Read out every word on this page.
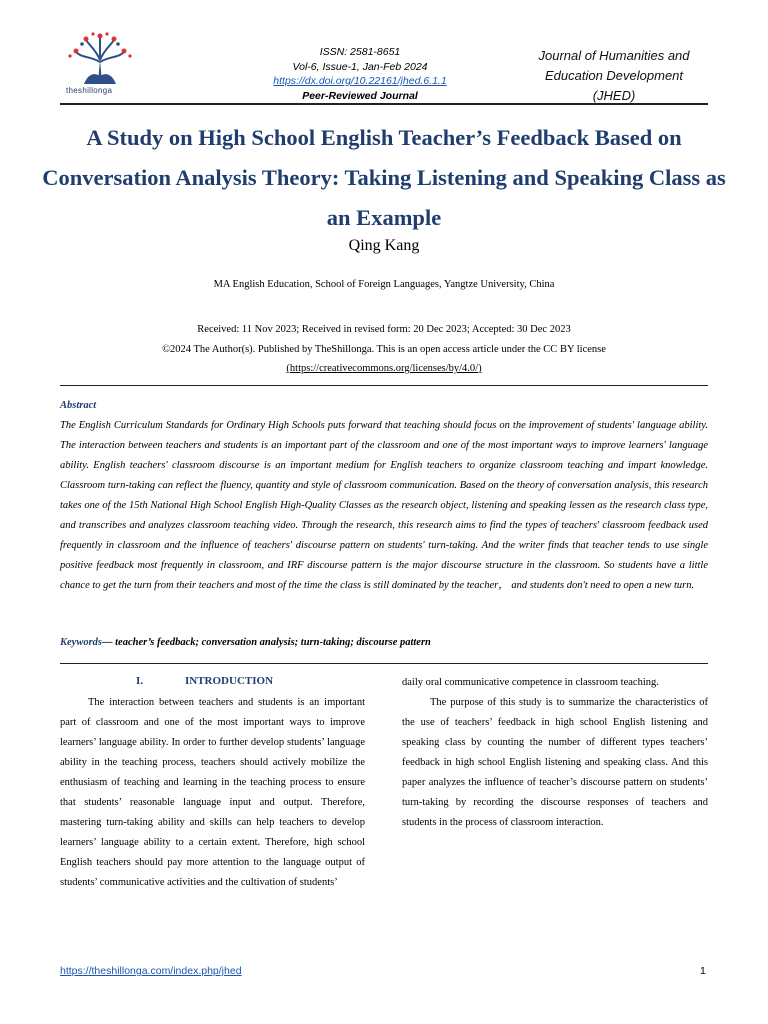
theshillonga
ISSN: 2581-8651
Vol-6, Issue-1, Jan-Feb 2024
https://dx.doi.org/10.22161/jhed.6.1.1
Peer-Reviewed Journal
Journal of Humanities and
Education Development
(JHED)
A Study on High School English Teacher’s Feedback Based on Conversation Analysis Theory: Taking Listening and Speaking Class as an Example
Qing Kang
MA English Education, School of Foreign Languages, Yangtze University, China
Received: 11 Nov 2023; Received in revised form: 20 Dec 2023; Accepted: 30 Dec 2023
©2024 The Author(s). Published by TheShillonga. This is an open access article under the CC BY license
(https://creativecommons.org/licenses/by/4.0/)
Abstract

The English Curriculum Standards for Ordinary High Schools puts forward that teaching should focus on the improvement of students' language ability. The interaction between teachers and students is an important part of the classroom and one of the most important ways to improve learners' language ability. English teachers' classroom discourse is an important medium for English teachers to organize classroom teaching and impart knowledge. Classroom turn-taking can reflect the fluency, quantity and style of classroom communication. Based on the theory of conversation analysis, this research takes one of the 15th National High School English High-Quality Classes as the research object, listening and speaking lessen as the research class type, and transcribes and analyzes classroom teaching video. Through the research, this research aims to find the types of teachers' classroom feedback used frequently in classroom and the influence of teachers' discourse pattern on students' turn-taking. And the writer finds that teacher tends to use single positive feedback most frequently in classroom, and IRF discourse pattern is the major discourse structure in the classroom. So students have a little chance to get the turn from their teachers and most of the time the class is still dominated by the teacher， and students don't need to open a new turn.

Keywords— teacher’s feedback; conversation analysis; turn-taking; discourse pattern
I.	INTRODUCTION

The interaction between teachers and students is an important part of classroom and one of the most important ways to improve learners’ language ability. In order to further develop students’ language ability in the teaching process, teachers should actively mobilize the enthusiasm of teaching and learning in the teaching process to ensure that students’ reasonable language input and output. Therefore, mastering turn-taking ability and skills can help teachers to develop learners’ language ability to a certain extent. Therefore, high school English teachers should pay more attention to the language output of students’ communicative activities and the cultivation of students’

daily oral communicative competence in classroom teaching.

The purpose of this study is to summarize the characteristics of the use of teachers’ feedback in high school English listening and speaking class by counting the number of different types teachers’ feedback in high school English listening and speaking class. And this paper analyzes the influence of teacher’s discourse pattern on students’ turn-taking by recording the discourse responses of teachers and students in the process of classroom interaction.

https://theshillonga.com/index.php/jhed	1
